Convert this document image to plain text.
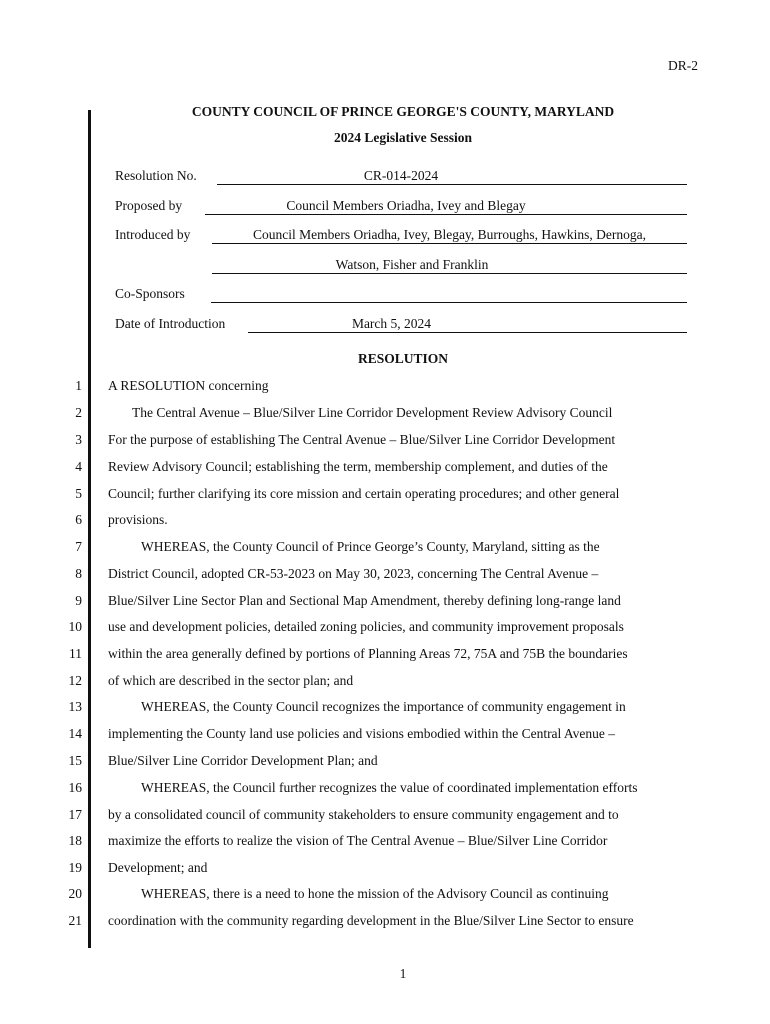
DR-2
COUNTY COUNCIL OF PRINCE GEORGE'S COUNTY, MARYLAND
2024 Legislative Session
Resolution No.	CR-014-2024
Proposed by	Council Members Oriadha, Ivey and Blegay
Introduced by	Council Members Oriadha, Ivey, Blegay, Burroughs, Hawkins, Dernoga,
Watson, Fisher and Franklin
Co-Sponsors
Date of Introduction	March 5, 2024
RESOLUTION
1 A RESOLUTION concerning
2	The Central Avenue – Blue/Silver Line Corridor Development Review Advisory Council
3 For the purpose of establishing The Central Avenue – Blue/Silver Line Corridor Development
4 Review Advisory Council; establishing the term, membership complement, and duties of the
5 Council; further clarifying its core mission and certain operating procedures; and other general
6 provisions.
7	WHEREAS, the County Council of Prince George’s County, Maryland, sitting as the
8 District Council, adopted CR-53-2023 on May 30, 2023, concerning The Central Avenue –
9 Blue/Silver Line Sector Plan and Sectional Map Amendment, thereby defining long-range land
10 use and development policies, detailed zoning policies, and community improvement proposals
11 within the area generally defined by portions of Planning Areas 72, 75A and 75B the boundaries
12 of which are described in the sector plan; and
13	WHEREAS, the County Council recognizes the importance of community engagement in
14 implementing the County land use policies and visions embodied within the Central Avenue –
15 Blue/Silver Line Corridor Development Plan; and
16	WHEREAS, the Council further recognizes the value of coordinated implementation efforts
17 by a consolidated council of community stakeholders to ensure community engagement and to
18 maximize the efforts to realize the vision of The Central Avenue – Blue/Silver Line Corridor
19 Development; and
20	WHEREAS, there is a need to hone the mission of the Advisory Council as continuing
21 coordination with the community regarding development in the Blue/Silver Line Sector to ensure
1
